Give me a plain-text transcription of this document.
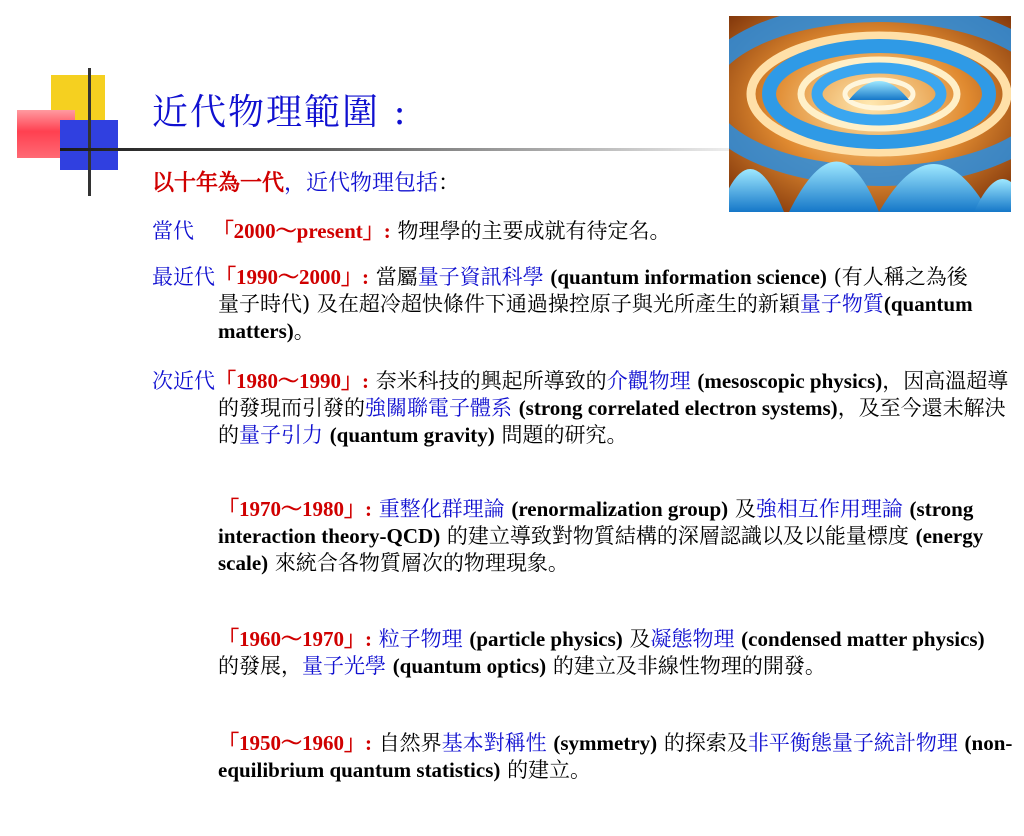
近代物理範圍 :
以十年為一代，近代物理包括：

當代 「2000～present」: 物理學的主要成就有待定名。

最近代「1990～2000」: 當屬量子資訊科學 (quantum information science) (有人稱之為後量子時代) 及在超冷超快條件下通過操控原子與光所產生的新穎量子物質(quantum matters)。

次近代「1980～1990」: 奈米科技的興起所導致的介觀物理 (mesoscopic physics)，因高溫超導的發現而引發的強關聯電子體系 (strong correlated electron systems)，及至今還未解決的量子引力 (quantum gravity) 問題的研究。

「1970～1980」: 重整化群理論 (renormalization group) 及強相互作用理論 (strong interaction theory-QCD) 的建立導致對物質結構的深層認識以及以能量標度 (energy scale) 來統合各物質層次的物理現象。

「1960～1970」: 粒子物理 (particle physics) 及凝態物理 (condensed matter physics) 的發展，量子光學 (quantum optics) 的建立及非線性物理的開發。

「1950～1960」: 自然界基本對稱性 (symmetry) 的探索及非平衡態量子統計物理 (non-equilibrium quantum statistics) 的建立。
